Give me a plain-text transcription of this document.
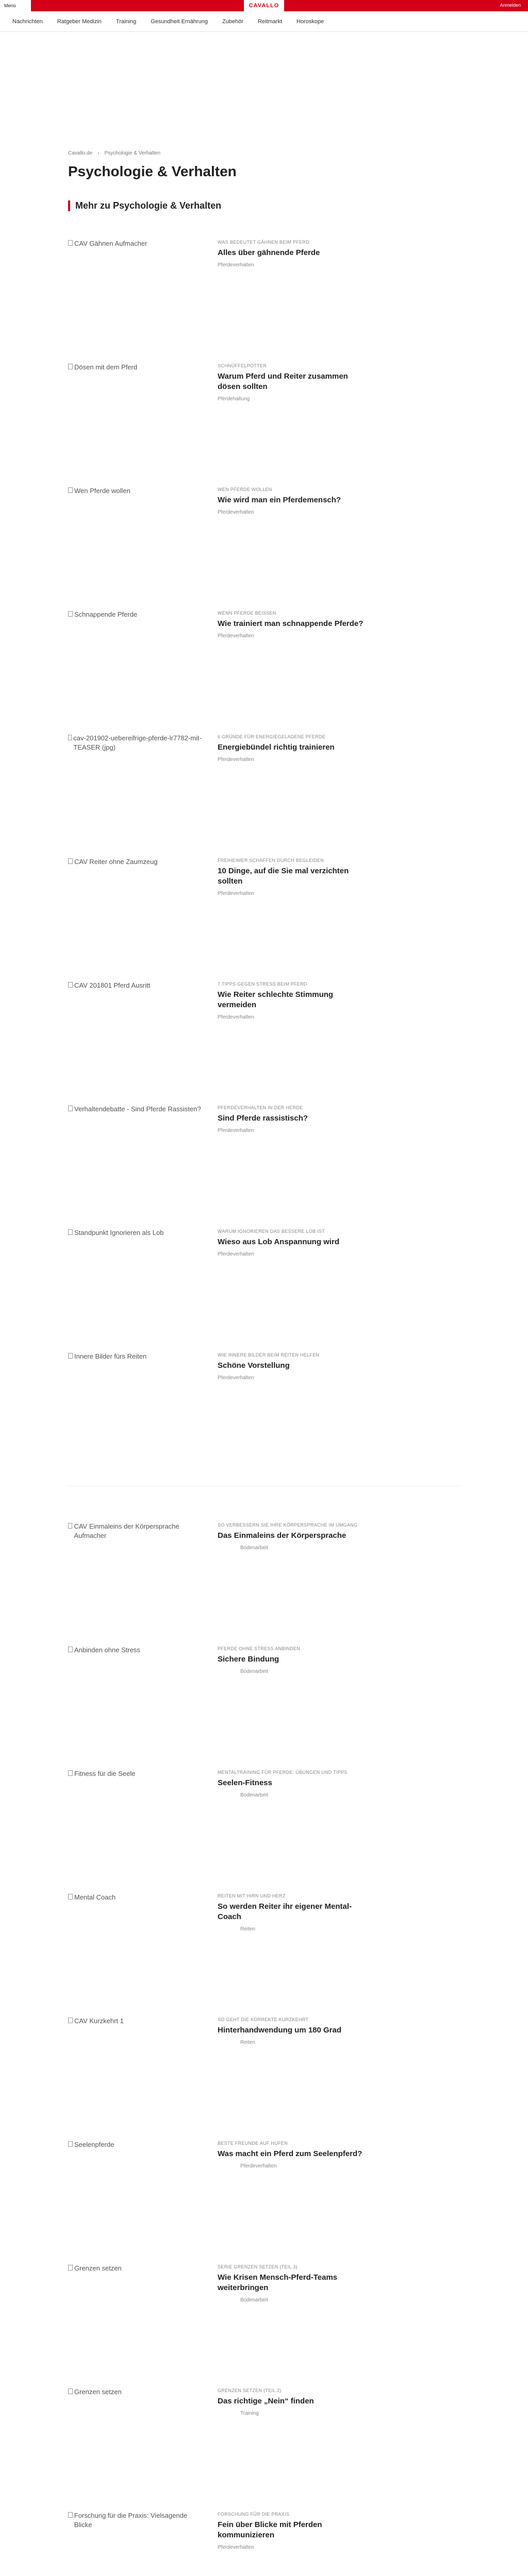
Menü	CAVALLO	Anmelden
Nachrichten	Ratgeber Medizin	Training	Gesundheit Ernährung	Zubehör	Reitmarkt	Horoskope
Cavallo.de › Psychologie & Verhalten
Psychologie & Verhalten
Mehr zu Psychologie & Verhalten
CAV Gähnen Aufmacher	WAS BEDEUTET GÄHNEN BEIM PFERD
Alles über gähnende Pferde
Pferdeverhalten
Dösen mit dem Pferd	SCHNÜFFELPOTTER
Warum Pferd und Reiter zusammen dösen sollten
Pferdehaltung
Wen Pferde wollen	WEN PFERDE WOLLEN
Wie wird man ein Pferdemensch?
Pferdeverhalten
Schnappende Pferde	WENN PFERDE BEISSEN
Wie trainiert man schnappende Pferde?
Pferdeverhalten
cav-201902-uebereifrige-pferde-lr7782-mit-TEASER (jpg)
6 GRÜNDE FÜR ENERGIEGELADENE PFERDE
Energiebündel richtig trainieren
Pferdeverhalten
CAV Reiter ohne Zaumzeug	FREIHEIMER SCHAFFEN DURCH BEGLEIDEN
10 Dinge, auf die Sie mal verzichten sollten
Pferdeverhalten
CAV 201801 Pferd Ausritt	7 TIPPS GEGEN STRESS BEIM PFERD
Wie Reiter schlechte Stimmung vermeiden
Pferdeverhalten
Verhaltendebatte - Sind Pferde Rassisten?	PFERDEVERHALTEN IN DER HERDE
Sind Pferde rassistisch?
Pferdeverhalten
Standpunkt Ignorieren als Lob	WARUM IGNORIEREN DAS BESSERE LOB IST
Wieso aus Lob Anspannung wird
Pferdeverhalten
Innere Bilder fürs Reiten	WIE INNERE BILDER BEIM REITEN HELFEN
Schöne Vorstellung
Pferdeverhalten
CAV Einmaleins der Körpersprache Aufmacher
SO VERBESSERN SIE IHRE KÖRPERSPRACHE IM UMGANG
Das Einmaleins der Körpersprache
Bodenarbeit
Anbinden ohne Stress	PFERDE OHNE STRESS ANBINDEN
Sichere Bindung
Bodenarbeit
Fitness für die Seele	MENTALTRAINING FÜR PFERDE: ÜBUNGEN UND TIPPS
Seelen-Fitness
Bodenarbeit
Mental Coach	REITEN MIT HIRN UND HERZ
So werden Reiter ihr eigener Mental-Coach
Reiten
CAV Kurzkehrt 1	SO GEHT DIE KORREKTE KURZKEHRT
Hinterhandwendung um 180 Grad
Reiten
Seelenpferde	BESTE FREUNDE AUF HUFEN
Was macht ein Pferd zum Seelenpferd?
Pferdeverhalten
Grenzen setzen	SERIE GRENZEN SETZEN (TEIL 3)
Wie Krisen Mensch-Pferd-Teams weiterbringen
Bodenarbeit
Grenzen setzen	GRENZEN SETZEN (TEIL 2)
Das richtige „Nein“ finden
Training
Forschung für die Praxis: Vielsagende Blicke
FORSCHUNG FÜR DIE PRAXIS
Fein über Blicke mit Pferden kommunizieren
Pferdeverhalten
